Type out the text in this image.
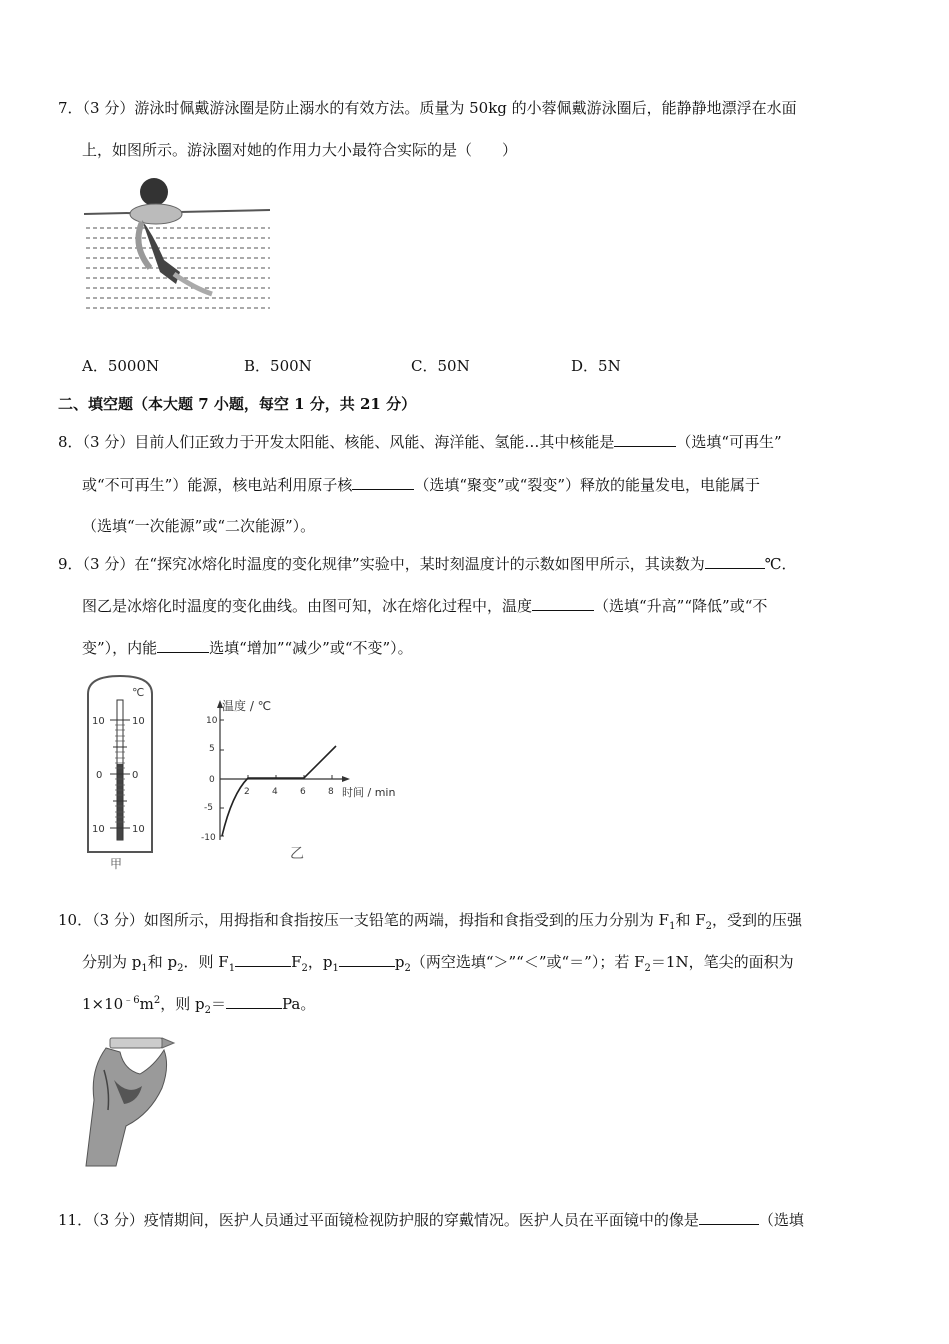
7．（3 分）游泳时佩戴游泳圈是防止溺水的有效方法。质量为 50kg 的小蓉佩戴游泳圈后，能静静地漂浮在水面
上，如图所示。游泳圈对她的作用力大小最符合实际的是（　　）
A．5000N	B．500N	C．50N	D．5N
二、填空题（本大题 7 小题，每空 1 分，共 21 分）
8．（3 分）目前人们正致力于开发太阳能、核能、风能、海洋能、氢能…其中核能是	（选填“可再生”
或“不可再生”）能源，核电站利用原子核	（选填“聚变”或“裂变”）释放的能量发电，电能属于
（选填“一次能源”或“二次能源”）。
9．（3 分）在“探究冰熔化时温度的变化规律”实验中，某时刻温度计的示数如图甲所示，其读数为	℃．
图乙是冰熔化时温度的变化曲线。由图可知，冰在熔化过程中，温度	（选填“升高”“降低”或“不
变”），内能	选填“增加”“减少”或“不变”）。
℃
10
0
10
10
0
10
甲
温度 / ℃
时间 / min
10
5
0
-5
-10
2 4 6 8
乙
10．（3 分）如图所示，用拇指和食指按压一支铅笔的两端，拇指和食指受到的压力分别为 $F_1$和 $F_2$，受到的压强
分别为 $p_1$和 $p_2$．则 $F_1$	$F_2$，$p_1$	$p_2$（两空选填“＞”“＜”或“＝”）；若 $F_2=1N$，笔尖的面积为
$1\times 10^{﹣6}m^2$，则 $p_2=$	Pa。
11．（3 分）疫情期间，医护人员通过平面镜检视防护服的穿戴情况。医护人员在平面镜中的像是	（选填
